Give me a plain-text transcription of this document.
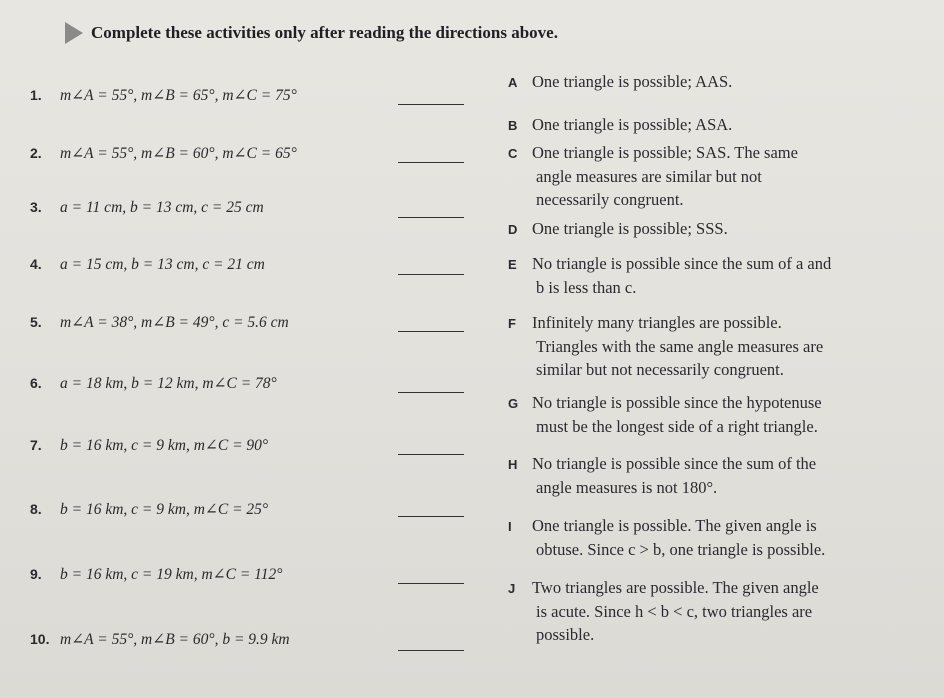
Complete these activities only after reading the directions above.
1. m∠A = 55°, m∠B = 65°, m∠C = 75°
2. m∠A = 55°, m∠B = 60°, m∠C = 65°
3. a = 11 cm, b = 13 cm, c = 25 cm
4. a = 15 cm, b = 13 cm, c = 21 cm
5. m∠A = 38°, m∠B = 49°, c = 5.6 cm
6. a = 18 km, b = 12 km, m∠C = 78°
7. b = 16 km, c = 9 km, m∠C = 90°
8. b = 16 km, c = 9 km, m∠C = 25°
9. b = 16 km, c = 19 km, m∠C = 112°
10. m∠A = 55°, m∠B = 60°, b = 9.9 km
A One triangle is possible; AAS.
B One triangle is possible; ASA.
C One triangle is possible; SAS. The same
angle measures are similar but not
necessarily congruent.
D One triangle is possible; SSS.
E No triangle is possible since the sum of a and
b is less than c.
F Infinitely many triangles are possible.
Triangles with the same angle measures are
similar but not necessarily congruent.
G No triangle is possible since the hypotenuse
must be the longest side of a right triangle.
H No triangle is possible since the sum of the
angle measures is not 180°.
I One triangle is possible. The given angle is
obtuse. Since c > b, one triangle is possible.
J Two triangles are possible. The given angle
is acute. Since h < b < c, two triangles are
possible.
